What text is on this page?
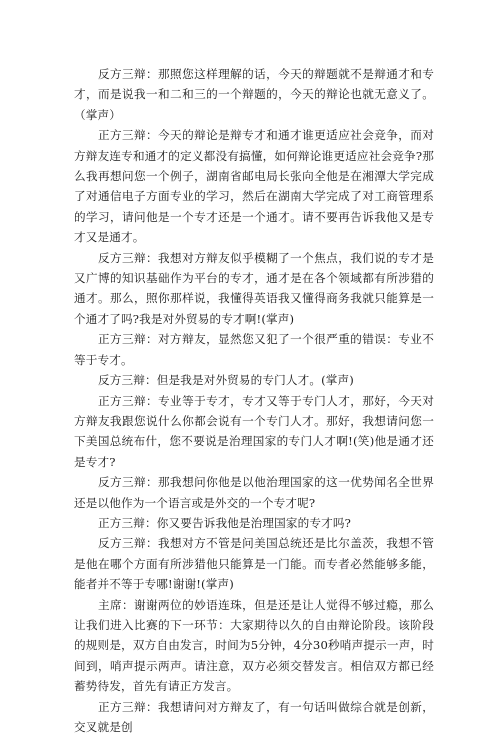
反方三辩：那照您这样理解的话，今天的辩题就不是辩通才和专才，而是说我一和二和三的一个辩题的，今天的辩论也就无意义了。（掌声）

正方三辩：今天的辩论是辩专才和通才谁更适应社会竞争，而对方辩友连专和通才的定义都没有搞懂，如何辩论谁更适应社会竞争?那么我再想问您一个例子，湖南省邮电局长张向全他是在湘潭大学完成了对通信电子方面专业的学习，然后在湖南大学完成了对工商管理系的学习，请问他是一个专才还是一个通才。请不要再告诉我他又是专才又是通才。

反方三辩：我想对方辩友似乎模糊了一个焦点，我们说的专才是又广博的知识基础作为平台的专才，通才是在各个领域都有所涉猎的通才。那么，照你那样说，我懂得英语我又懂得商务我就只能算是一个通才了吗?我是对外贸易的专才啊!(掌声)

正方三辩：对方辩友，显然您又犯了一个很严重的错误：专业不等于专才。

反方三辩：但是我是对外贸易的专门人才。(掌声)

正方三辩：专业等于专才，专才又等于专门人才，那好，今天对方辩友我跟您说什么你都会说有一个专门人才。那好，我想请问您一下美国总统布什，您不要说是治理国家的专门人才啊!(笑)他是通才还是专才?

反方三辩：那我想问你他是以他治理国家的这一优势闻名全世界还是以他作为一个语言或是外交的一个专才呢?

正方三辩：你又要告诉我他是治理国家的专才吗?

反方三辩：我想对方不管是问美国总统还是比尔盖茨，我想不管是他在哪个方面有所涉猎他只能算是一门能。而专者必然能够多能，能者并不等于专哪!谢谢!(掌声)

主席：谢谢两位的妙语连珠，但是还是让人觉得不够过瘾，那么让我们进入比赛的下一环节：大家期待以久的自由辩论阶段。该阶段的规则是，双方自由发言，时间为5分钟，4分30秒哨声提示一声，时间到，哨声提示两声。请注意，双方必须交替发言。相信双方都已经蓄势待发，首先有请正方发言。

正方三辩：我想请问对方辩友了，有一句话叫做综合就是创新，交叉就是创
